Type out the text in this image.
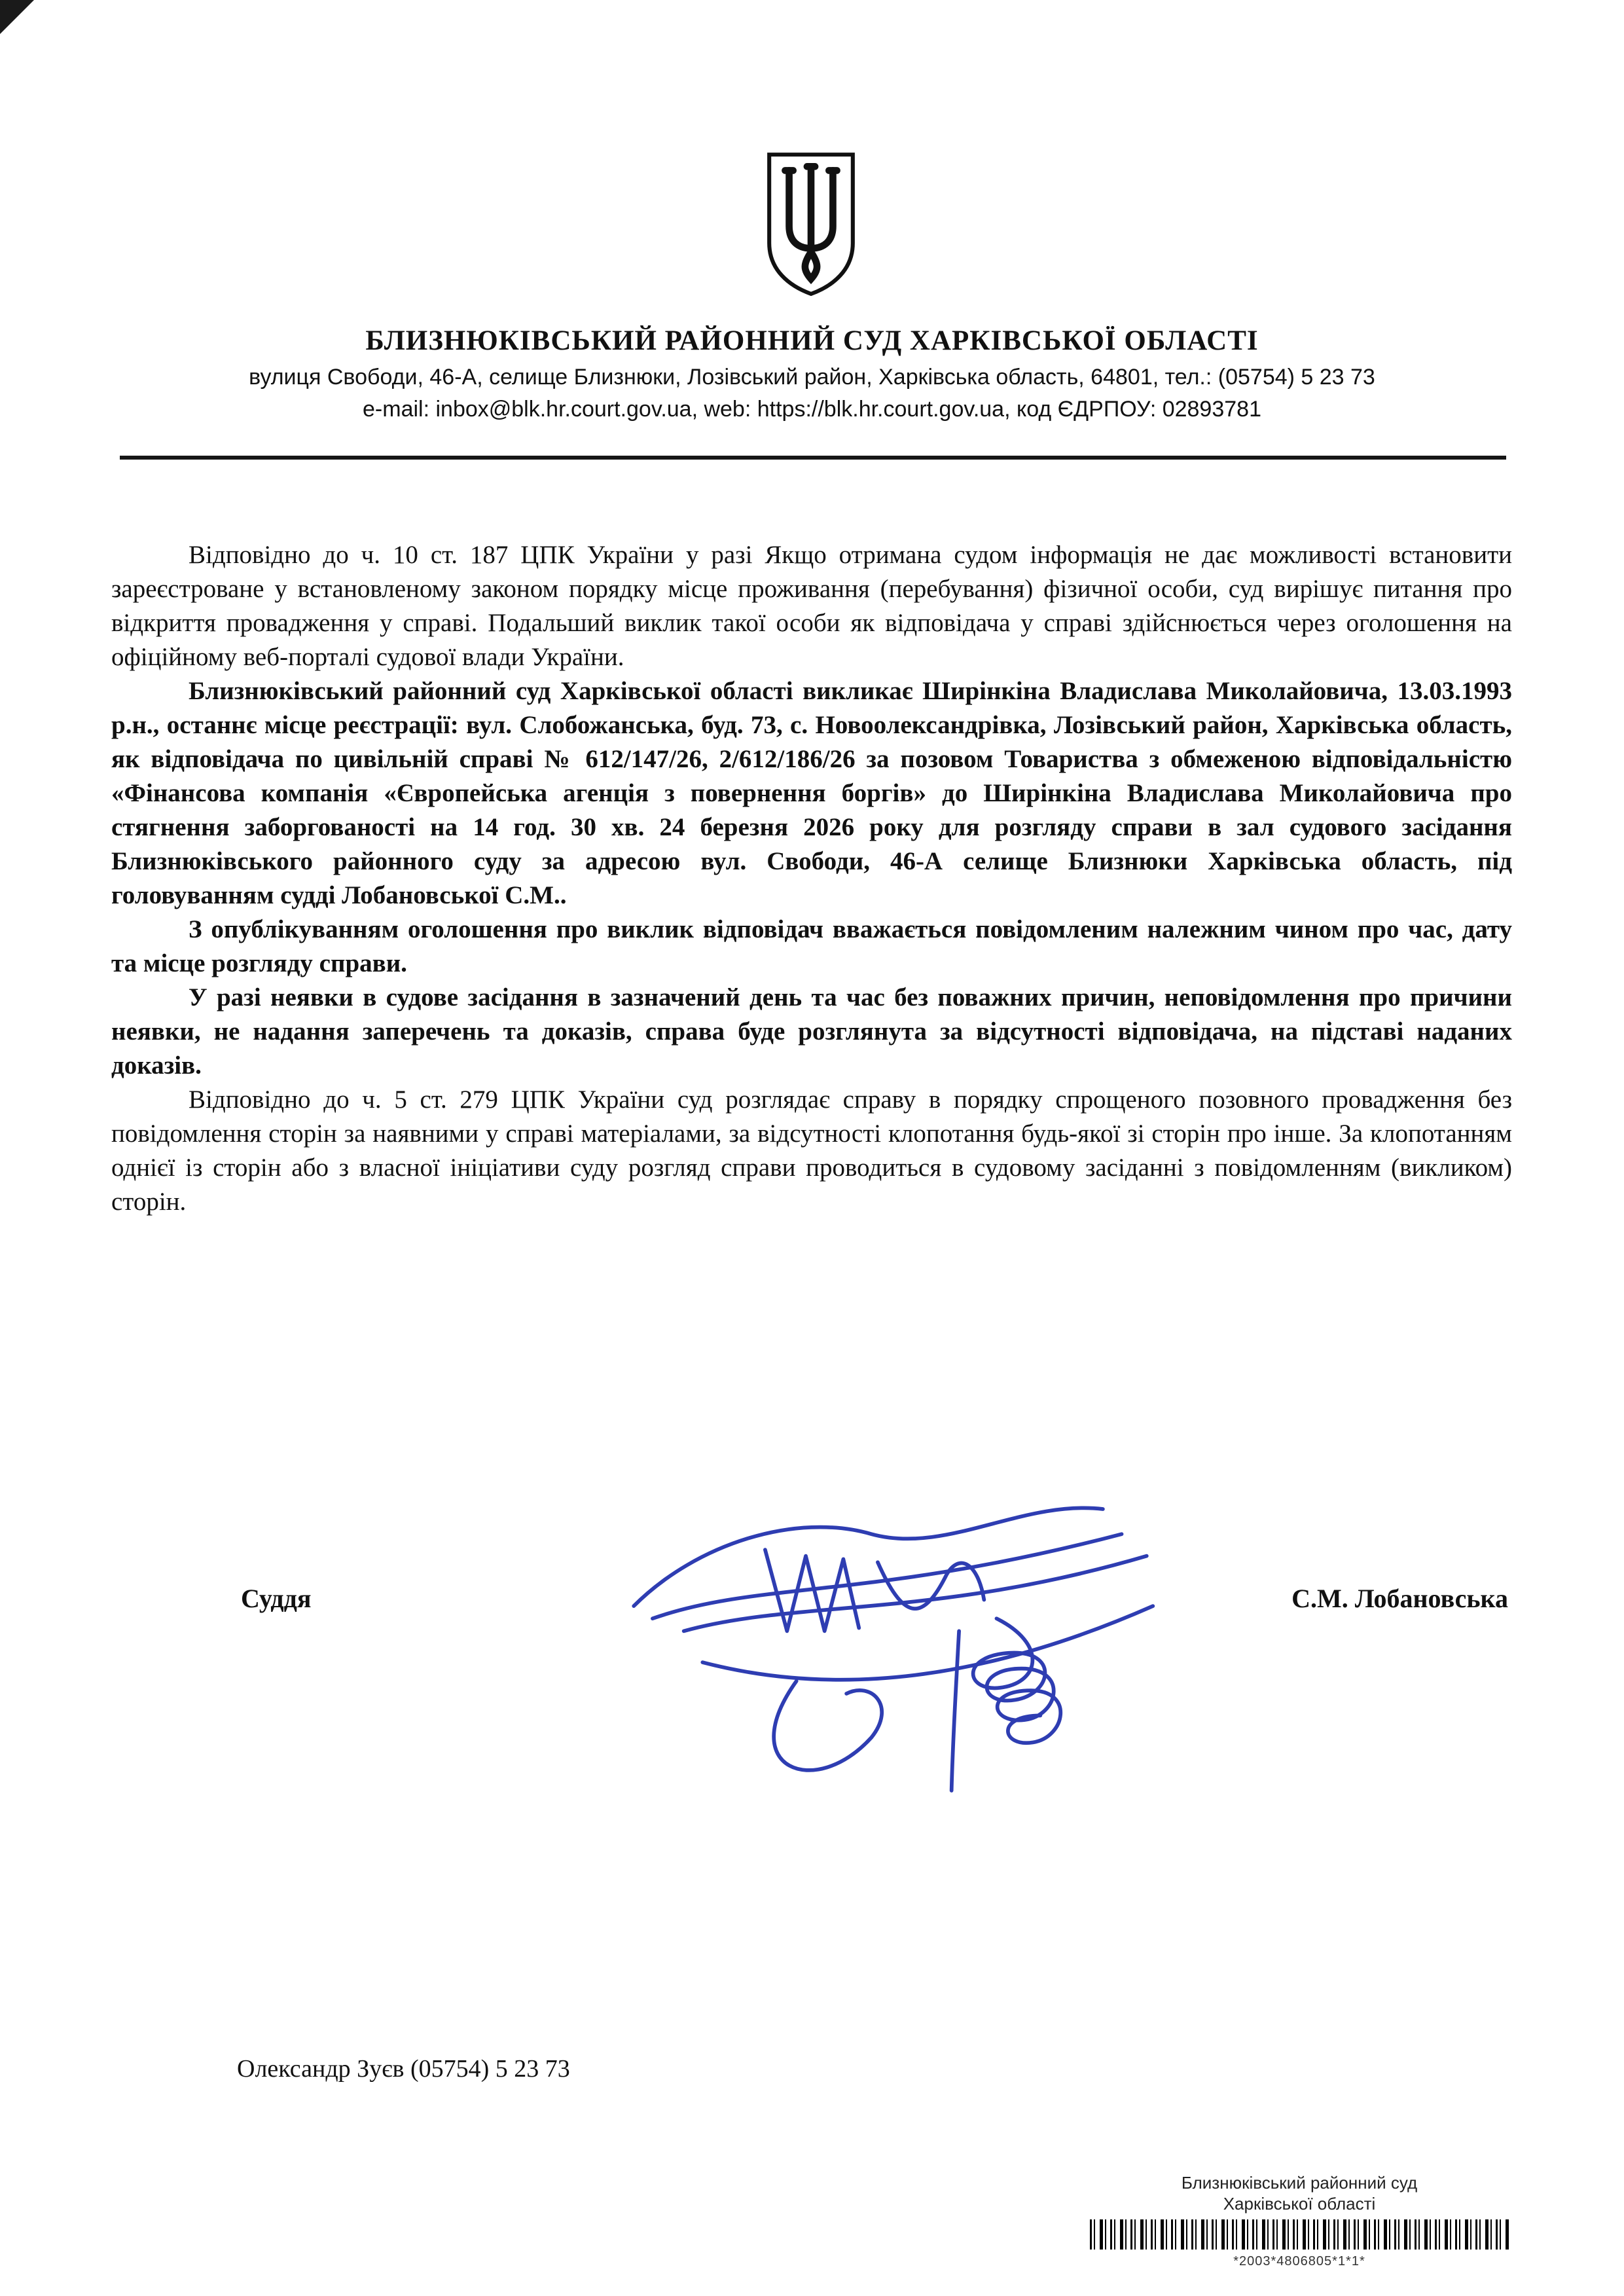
БЛИЗНЮКІВСЬКИЙ РАЙОННИЙ СУД ХАРКІВСЬКОЇ ОБЛАСТІ
вулиця Свободи, 46-А, селище Близнюки, Лозівський район, Харківська область, 64801, тел.: (05754) 5 23 73
e-mail: inbox@blk.hr.court.gov.ua, web: https://blk.hr.court.gov.ua, код ЄДРПОУ: 02893781

Відповідно до ч. 10 ст. 187 ЦПК України у разі Якщо отримана судом інформація не дає можливості встановити зареєстроване у встановленому законом порядку місце проживання (перебування) фізичної особи, суд вирішує питання про відкриття провадження у справі. Подальший виклик такої особи як відповідача у справі здійснюється через оголошення на офіційному веб-порталі судової влади України.

Близнюківський районний суд Харківської області викликає Ширінкіна Владислава Миколайовича, 13.03.1993 р.н., останнє місце реєстрації: вул. Слобожанська, буд. 73, с. Новоолександрівка, Лозівський район, Харківська область, як відповідача по цивільній справі № 612/147/26, 2/612/186/26 за позовом Товариства з обмеженою відповідальністю «Фінансова компанія «Європейська агенція з повернення боргів» до Ширінкіна Владислава Миколайовича про стягнення заборгованості на 14 год. 30 хв. 24 березня 2026 року для розгляду справи в зал судового засідання Близнюківського районного суду за адресою вул. Свободи, 46-А селище Близнюки Харківська область, під головуванням судді Лобановської С.М..

З опублікуванням оголошення про виклик відповідач вважається повідомленим належним чином про час, дату та місце розгляду справи.

У разі неявки в судове засідання в зазначений день та час без поважних причин, неповідомлення про причини неявки, не надання заперечень та доказів, справа буде розглянута за відсутності відповідача, на підставі наданих доказів.

Відповідно до ч. 5 ст. 279 ЦПК України суд розглядає справу в порядку спрощеного позовного провадження без повідомлення сторін за наявними у справі матеріалами, за відсутності клопотання будь-якої зі сторін про інше. За клопотанням однієї із сторін або з власної ініціативи суду розгляд справи проводиться в судовому засіданні з повідомленням (викликом) сторін.

Суддя	С.М. Лобановська
Олександр Зуєв (05754) 5 23 73
Близнюківський районний суд
Харківської області
*2003*4806805*1*1*
